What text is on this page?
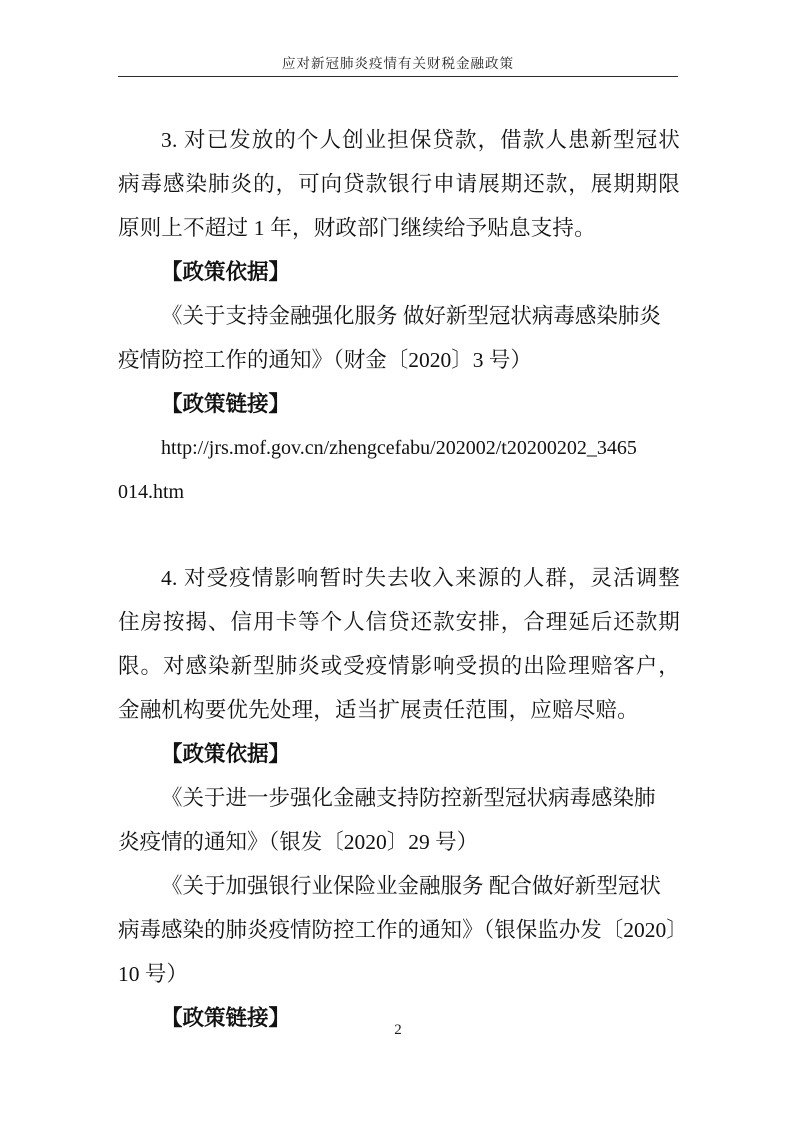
应对新冠肺炎疫情有关财税金融政策

3. 对已发放的个人创业担保贷款，借款人患新型冠状病毒感染肺炎的，可向贷款银行申请展期还款，展期期限原则上不超过 1 年，财政部门继续给予贴息支持。

【政策依据】

《关于支持金融强化服务 做好新型冠状病毒感染肺炎

疫情防控工作的通知》（财金〔2020〕3 号）

【政策链接】

http://jrs.mof.gov.cn/zhengcefabu/202002/t20200202_3465

014.htm

4. 对受疫情影响暂时失去收入来源的人群，灵活调整住房按揭、信用卡等个人信贷还款安排，合理延后还款期限。对感染新型肺炎或受疫情影响受损的出险理赔客户，金融机构要优先处理，适当扩展责任范围，应赔尽赔。

【政策依据】

《关于进一步强化金融支持防控新型冠状病毒感染肺

炎疫情的通知》（银发〔2020〕29 号）

《关于加强银行业保险业金融服务 配合做好新型冠状

病毒感染的肺炎疫情防控工作的通知》（银保监办发〔2020〕

10 号）

【政策链接】	2
